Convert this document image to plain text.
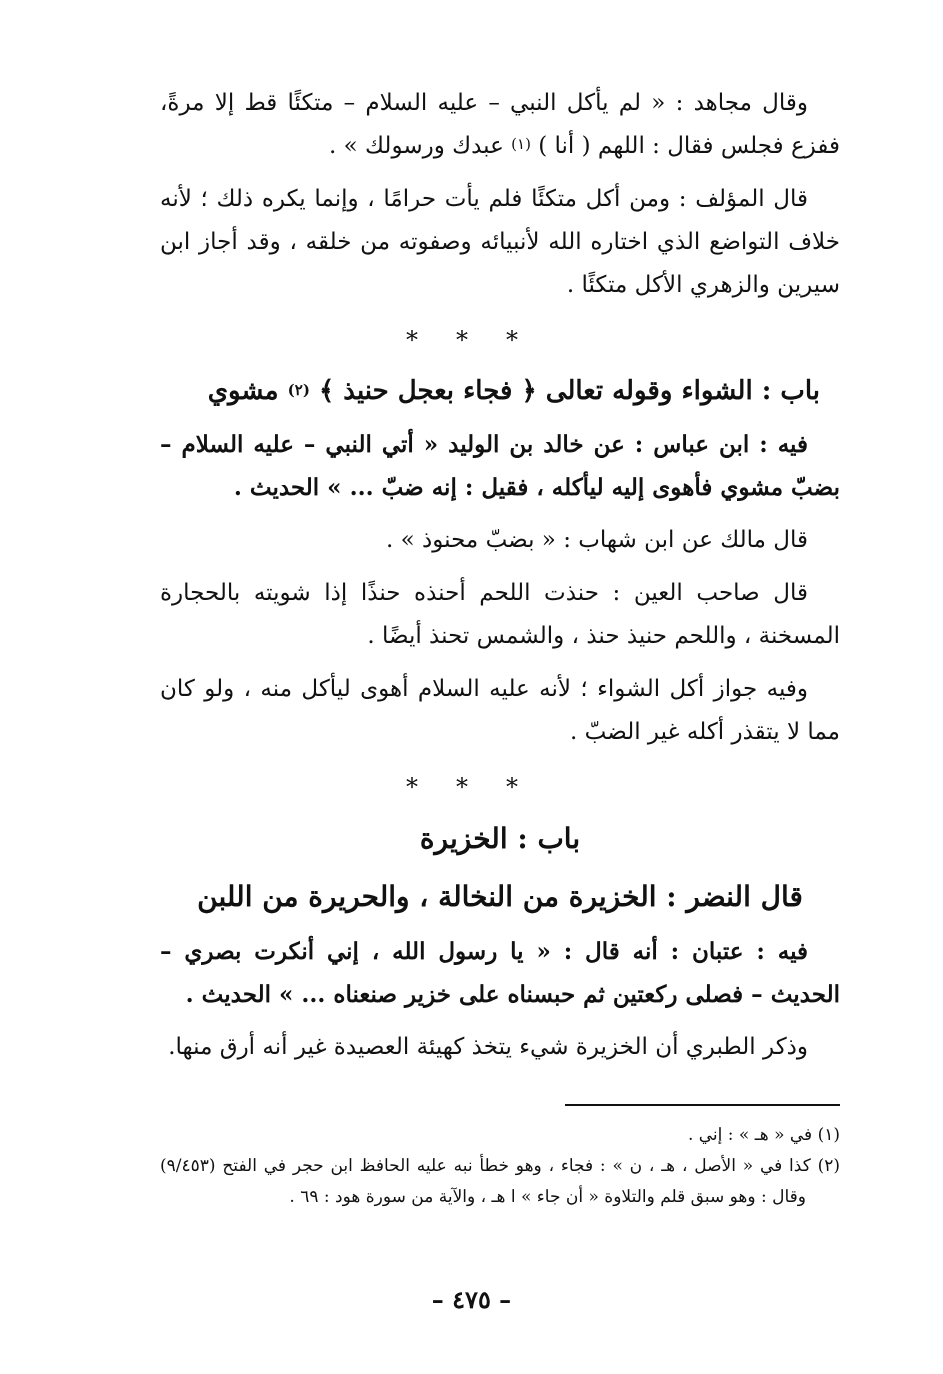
وقال مجاهد : « لم يأكل النبي – عليه السلام – متكئًا قط إلا مرةً، ففزع فجلس فقال : اللهم ( أنا ) $^{(١)}$ عبدك ورسولك » .

قال المؤلف : ومن أكل متكئًا فلم يأت حرامًا ، وإنما يكره ذلك ؛ لأنه خلاف التواضع الذي اختاره الله لأنبيائه وصفوته من خلقه ، وقد أجاز ابن سيرين والزهري الأكل متكئًا .

***
باب : الشواء وقوله تعالى ﴿ فجاء بعجل حنيذ ﴾ $^{(٢)}$ مشوي

فيه : ابن عباس : عن خالد بن الوليد « أتي النبي – عليه السلام – بضبّ مشوي فأهوى إليه ليأكله ، فقيل : إنه ضبّ ... » الحديث .

قال مالك عن ابن شهاب : « بضبّ محنوذ » .

قال صاحب العين : حنذت اللحم أحنذه حنذًا إذا شويته بالحجارة المسخنة ، واللحم حنيذ حنذ ، والشمس تحنذ أيضًا .

وفيه جواز أكل الشواء ؛ لأنه عليه السلام أهوى ليأكل منه ، ولو كان مما لا يتقذر أكله غير الضبّ .

***
باب : الخزيرة
قال النضر : الخزيرة من النخالة ، والحريرة من اللبن

فيه : عتبان : أنه قال : « يا رسول الله ، إني أنكرت بصري – الحديث – فصلى ركعتين ثم حبسناه على خزير صنعناه ... » الحديث .

وذكر الطبري أن الخزيرة شيء يتخذ كهيئة العصيدة غير أنه أرق منها.

(١) في « هـ » : إني .

(٢) كذا في « الأصل ، هـ ، ن » : فجاء ، وهو خطأ نبه عليه الحافظ ابن حجر في الفتح (٩/٤٥٣) وقال : وهو سبق قلم والتلاوة « أن جاء » ا هـ ، والآية من سورة هود : ٦٩ .

– ٤٧٥ –
